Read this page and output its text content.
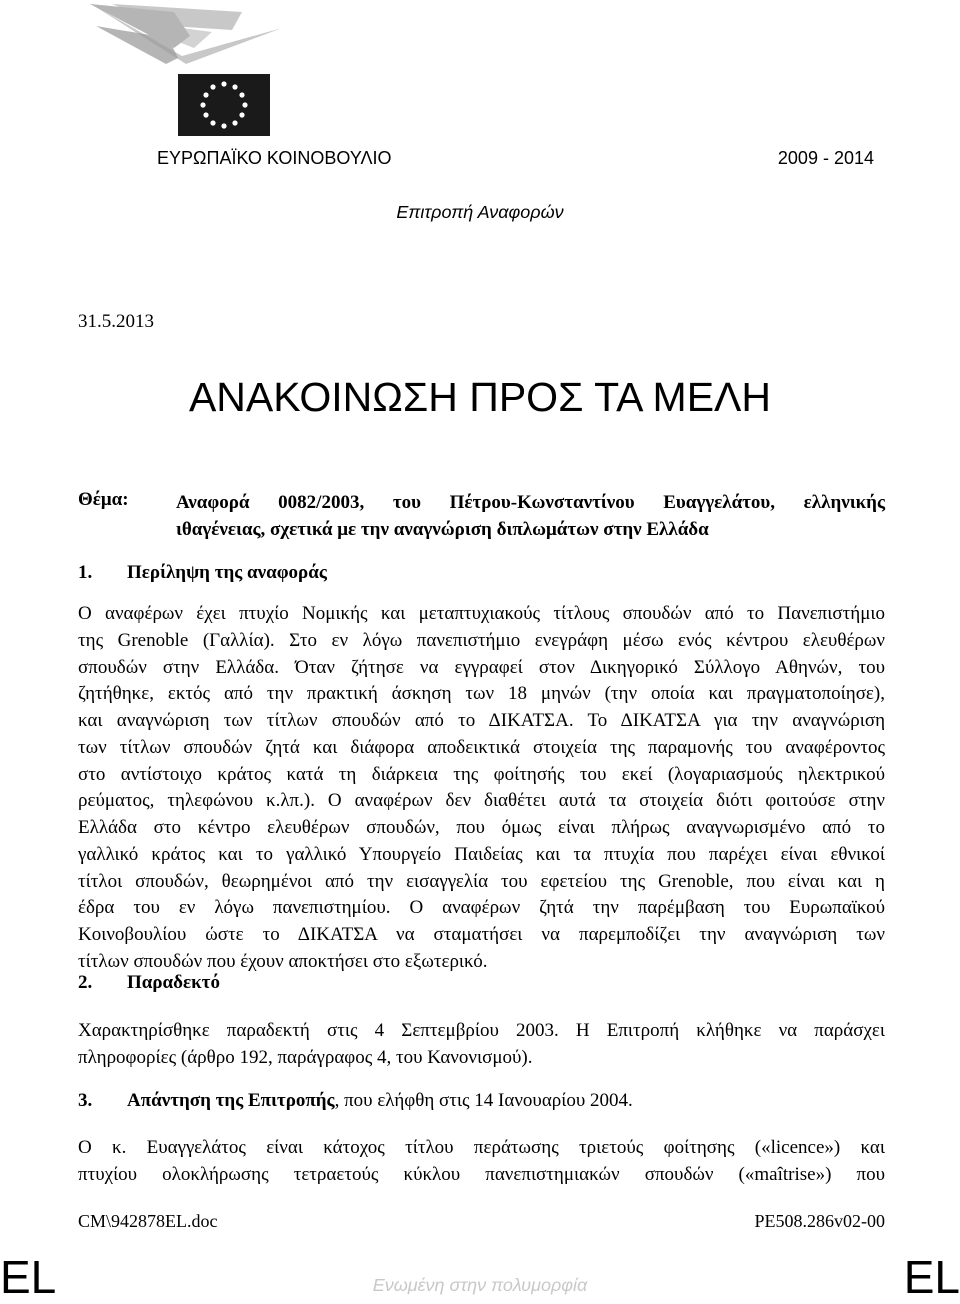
ΕΥΡΩΠΑΪΚΟ ΚΟΙΝΟΒΟΥΛΙΟ	2009 - 2014
Επιτροπή Αναφορών
31.5.2013
ΑΝΑΚΟΙΝΩΣΗ ΠΡΟΣ ΤΑ ΜΕΛΗ
Θέμα: Αναφορά 0082/2003, του Πέτρου-Κωνσταντίνου Ευαγγελάτου, ελληνικής
ιθαγένειας, σχετικά με την αναγνώριση διπλωμάτων στην Ελλάδα
1. Περίληψη της αναφοράς
Ο αναφέρων έχει πτυχίο Νομικής και μεταπτυχιακούς τίτλους σπουδών από το Πανεπιστήμιο
της Grenoble (Γαλλία). Στο εν λόγω πανεπιστήμιο ενεγράφη μέσω ενός κέντρου ελευθέρων
σπουδών στην Ελλάδα. Όταν ζήτησε να εγγραφεί στον Δικηγορικό Σύλλογο Αθηνών, του
ζητήθηκε, εκτός από την πρακτική άσκηση των 18 μηνών (την οποία και πραγματοποίησε),
και αναγνώριση των τίτλων σπουδών από το ΔΙΚΑΤΣΑ. Το ΔΙΚΑΤΣΑ για την αναγνώριση
των τίτλων σπουδών ζητά και διάφορα αποδεικτικά στοιχεία της παραμονής του αναφέροντος
στο αντίστοιχο κράτος κατά τη διάρκεια της φοίτησής του εκεί (λογαριασμούς ηλεκτρικού
ρεύματος, τηλεφώνου κ.λπ.). Ο αναφέρων δεν διαθέτει αυτά τα στοιχεία διότι φοιτούσε στην
Ελλάδα στο κέντρο ελευθέρων σπουδών, που όμως είναι πλήρως αναγνωρισμένο από το
γαλλικό κράτος και το γαλλικό Υπουργείο Παιδείας και τα πτυχία που παρέχει είναι εθνικοί
τίτλοι σπουδών, θεωρημένοι από την εισαγγελία του εφετείου της Grenoble, που είναι και η
έδρα του εν λόγω πανεπιστημίου. Ο αναφέρων ζητά την παρέμβαση του Ευρωπαϊκού
Κοινοβουλίου ώστε το ΔΙΚΑΤΣΑ να σταματήσει να παρεμποδίζει την αναγνώριση των
τίτλων σπουδών που έχουν αποκτήσει στο εξωτερικό.
2. Παραδεκτό
Χαρακτηρίσθηκε παραδεκτή στις 4 Σεπτεμβρίου 2003. Η Επιτροπή κλήθηκε να παράσχει
πληροφορίες (άρθρο 192, παράγραφος 4, του Κανονισμού).
3. Απάντηση της Επιτροπής, που ελήφθη στις 14 Ιανουαρίου 2004.
Ο κ. Ευαγγελάτος είναι κάτοχος τίτλου περάτωσης τριετούς φοίτησης («licence») και
πτυχίου ολοκλήρωσης τετραετούς κύκλου πανεπιστημιακών σπουδών («maîtrise») που
CM\942878EL.doc	PE508.286v02-00
EL	EL
Ενωμένη στην πολυμορφία
